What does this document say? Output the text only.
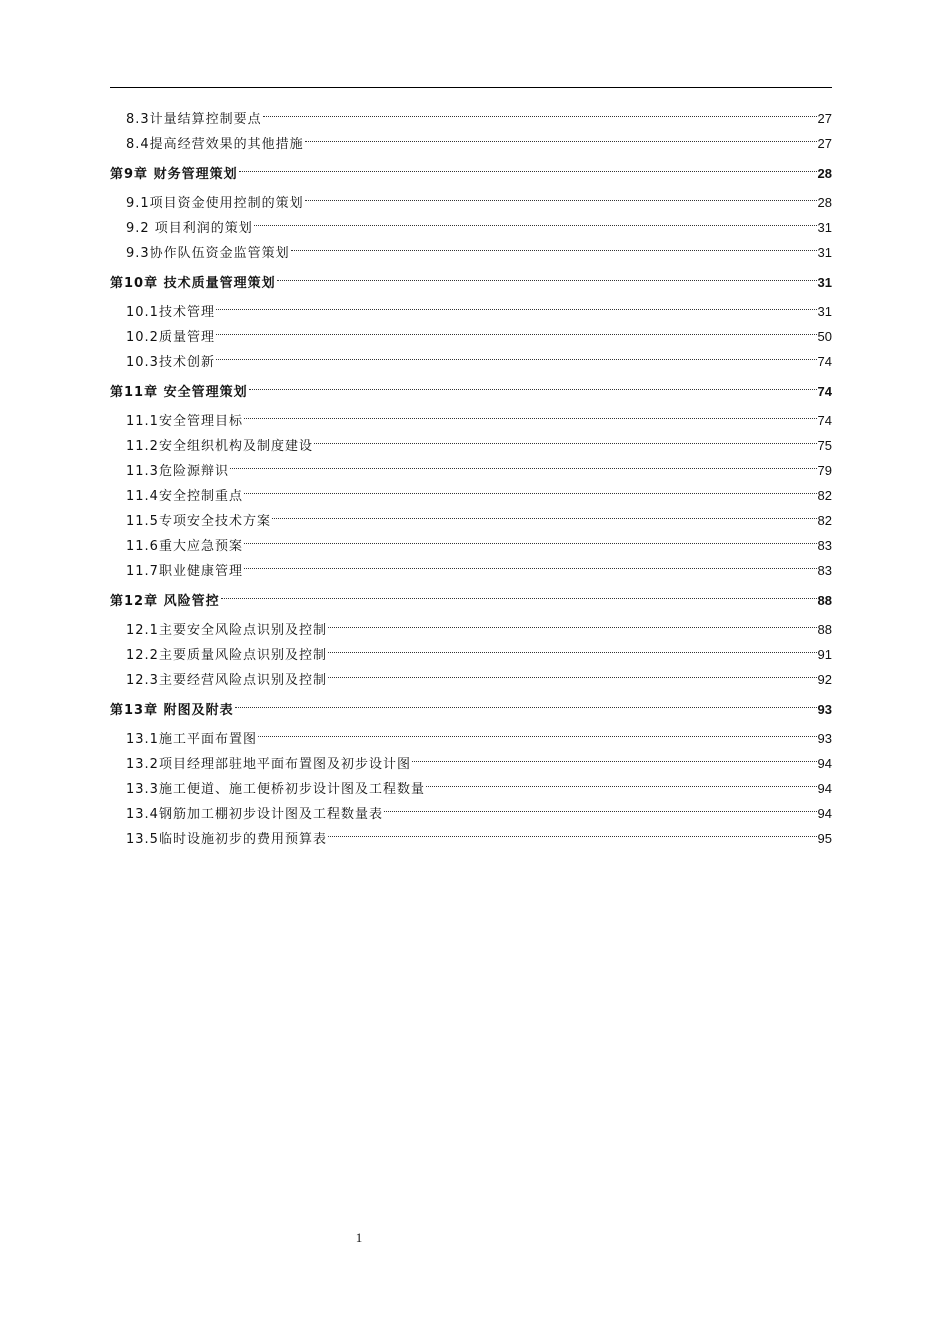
8.3计量结算控制要点	27
8.4提高经营效果的其他措施	27
第9章 财务管理策划	28
9.1项目资金使用控制的策划	28
9.2 项目利润的策划	31
9.3协作队伍资金监管策划	31
第10章 技术质量管理策划	31
10.1技术管理	31
10.2质量管理	50
10.3技术创新	74
第11章 安全管理策划	74
11.1安全管理目标	74
11.2安全组织机构及制度建设	75
11.3危险源辩识	79
11.4安全控制重点	82
11.5专项安全技术方案	82
11.6重大应急预案	83
11.7职业健康管理	83
第12章 风险管控	88
12.1主要安全风险点识别及控制	88
12.2主要质量风险点识别及控制	91
12.3主要经营风险点识别及控制	92
第13章 附图及附表	93
13.1施工平面布置图	93
13.2项目经理部驻地平面布置图及初步设计图	94
13.3施工便道、施工便桥初步设计图及工程数量	94
13.4钢筋加工棚初步设计图及工程数量表	94
13.5临时设施初步的费用预算表	95
1
